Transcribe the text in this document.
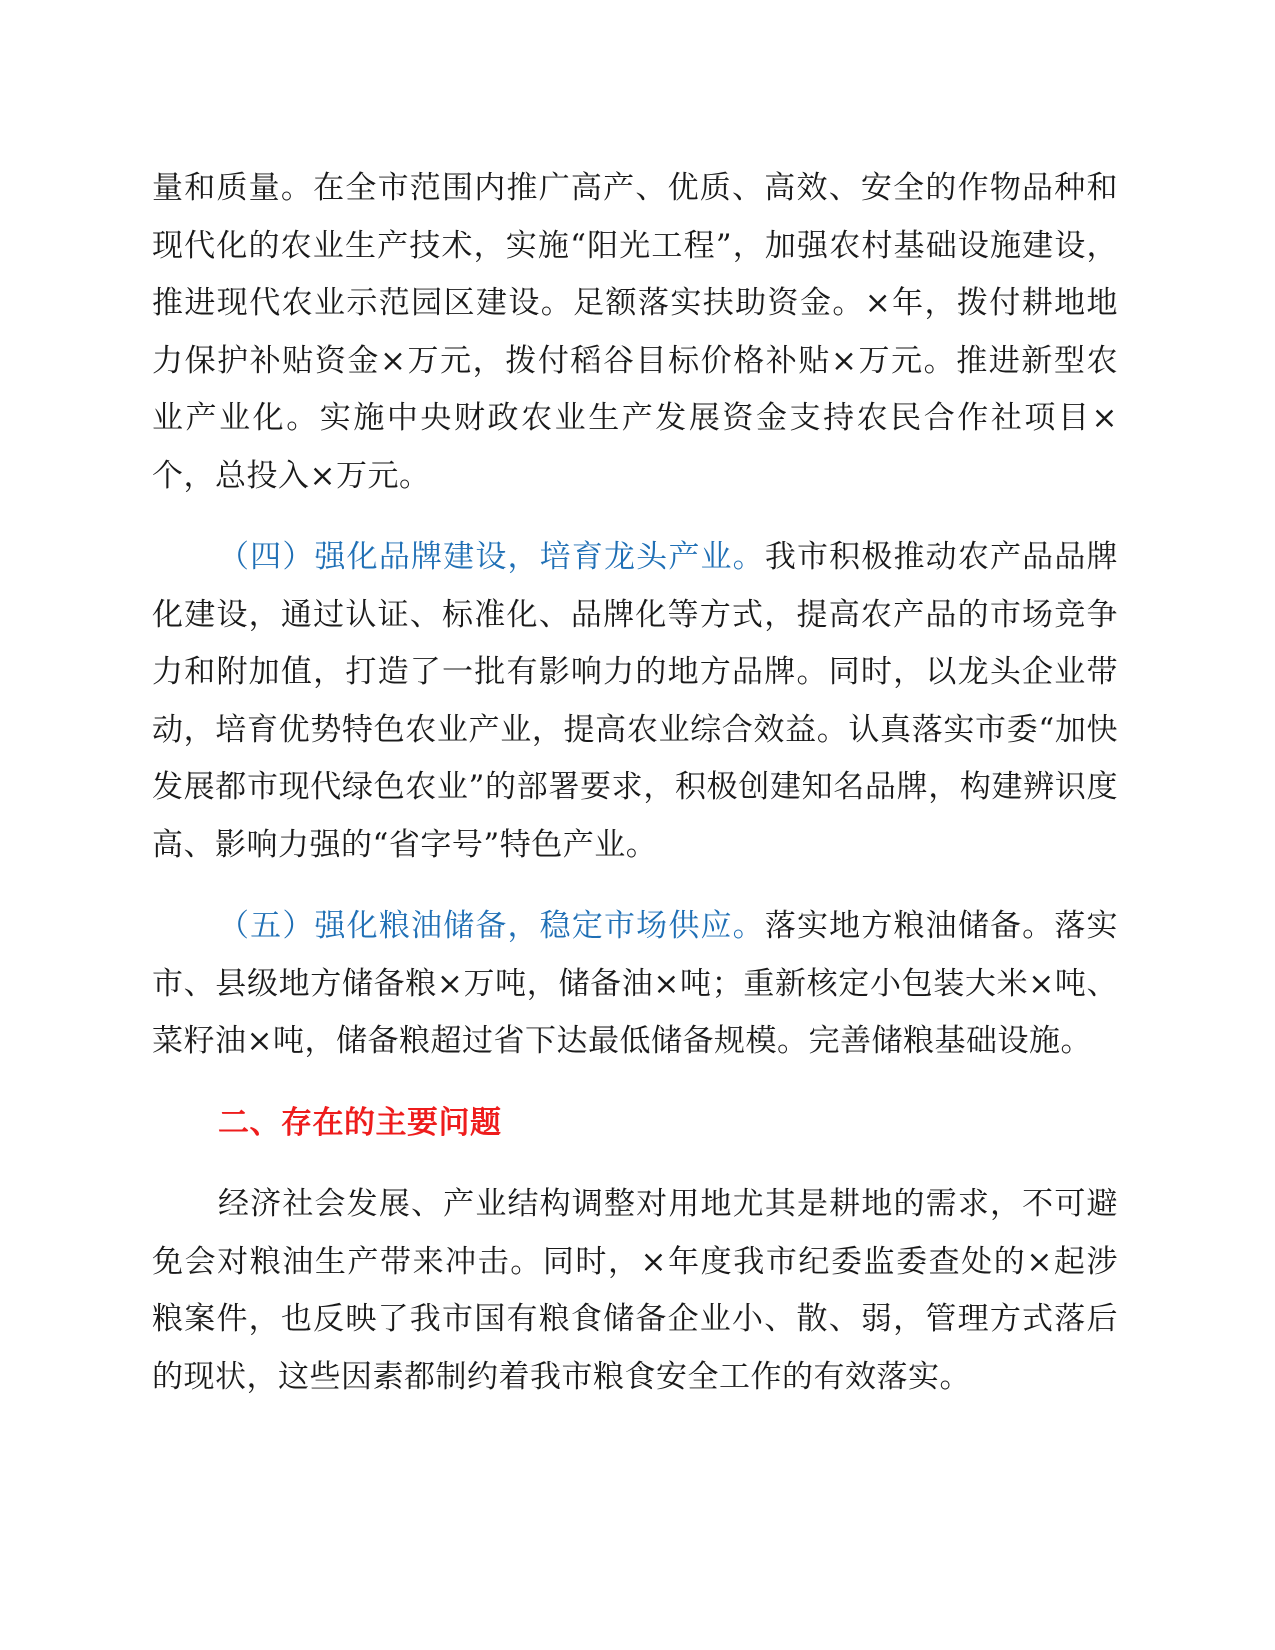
量和质量。在全市范围内推广高产、优质、高效、安全的作物品种和现代化的农业生产技术，实施“阳光工程”，加强农村基础设施建设，推进现代农业示范园区建设。足额落实扶助资金。×年，拨付耕地地力保护补贴资金×万元，拨付稻谷目标价格补贴×万元。推进新型农业产业化。实施中央财政农业生产发展资金支持农民合作社项目×个，总投入×万元。

（四）强化品牌建设，培育龙头产业。我市积极推动农产品品牌化建设，通过认证、标准化、品牌化等方式，提高农产品的市场竞争力和附加值，打造了一批有影响力的地方品牌。同时，以龙头企业带动，培育优势特色农业产业，提高农业综合效益。认真落实市委“加快发展都市现代绿色农业”的部署要求，积极创建知名品牌，构建辨识度高、影响力强的“省字号”特色产业。

（五）强化粮油储备，稳定市场供应。落实地方粮油储备。落实市、县级地方储备粮×万吨，储备油×吨；重新核定小包装大米×吨、菜籽油×吨，储备粮超过省下达最低储备规模。完善储粮基础设施。

二、存在的主要问题

经济社会发展、产业结构调整对用地尤其是耕地的需求，不可避免会对粮油生产带来冲击。同时，×年度我市纪委监委查处的×起涉粮案件，也反映了我市国有粮食储备企业小、散、弱，管理方式落后的现状，这些因素都制约着我市粮食安全工作的有效落实。
